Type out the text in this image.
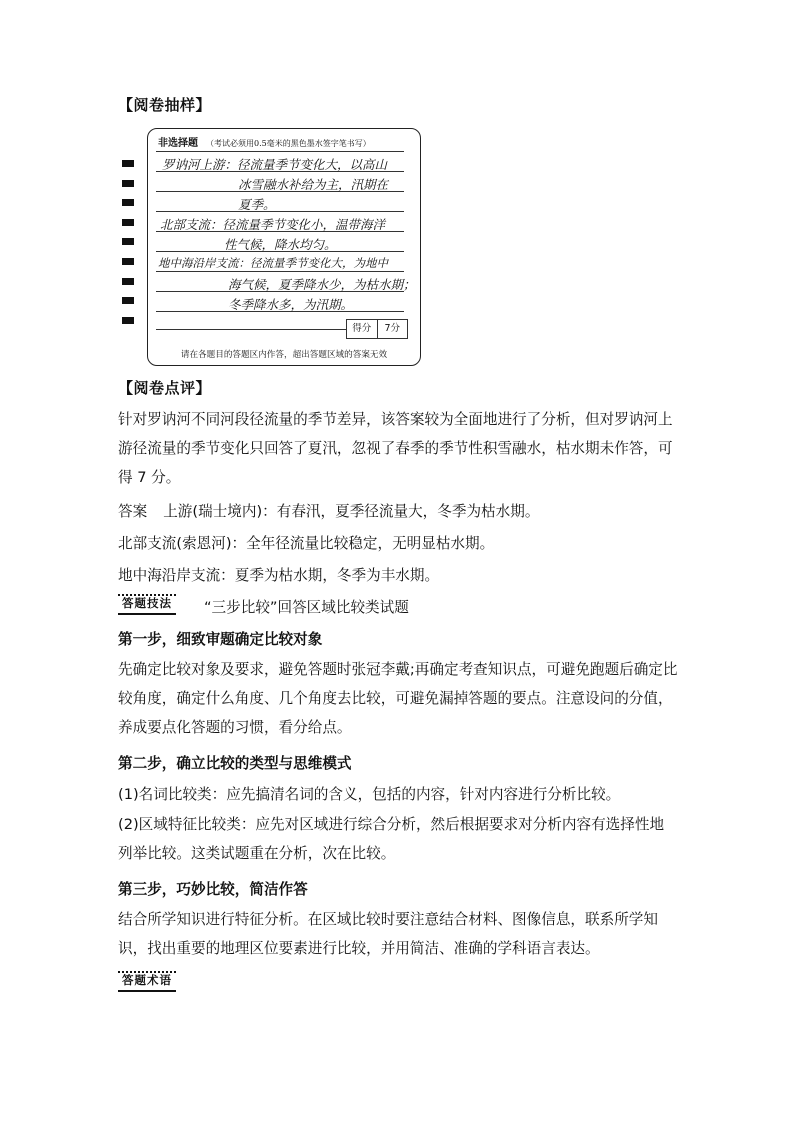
【阅卷抽样】
非选择题 （考试必须用0.5毫米的黑色墨水签字笔书写）
罗讷河上游：径流量季节变化大，以高山
冰雪融水补给为主，汛期在
夏季。
北部支流：径流量季节变化小，温带海洋
性气候，降水均匀。
地中海沿岸支流：径流量季节变化大，为地中
海气候，夏季降水少，为枯水期；
冬季降水多，为汛期。
得分	7分
请在各题目的答题区内作答，超出答题区域的答案无效
【阅卷点评】
针对罗讷河不同河段径流量的季节差异，该答案较为全面地进行了分析，但对罗讷河上游径流量的季节变化只回答了夏汛，忽视了春季的季节性积雪融水，枯水期未作答，可得 7 分。
答案 上游(瑞士境内)：有春汛，夏季径流量大，冬季为枯水期。
北部支流(索恩河)：全年径流量比较稳定，无明显枯水期。
地中海沿岸支流：夏季为枯水期，冬季为丰水期。
答题技法 “三步比较”回答区域比较类试题
第一步，细致审题确定比较对象
先确定比较对象及要求，避免答题时张冠李戴;再确定考查知识点，可避免跑题后确定比较角度，确定什么角度、几个角度去比较，可避免漏掉答题的要点。注意设问的分值，养成要点化答题的习惯，看分给点。
第二步，确立比较的类型与思维模式
(1)名词比较类：应先搞清名词的含义，包括的内容，针对内容进行分析比较。
(2)区域特征比较类：应先对区域进行综合分析，然后根据要求对分析内容有选择性地列举比较。这类试题重在分析，次在比较。
第三步，巧妙比较，简洁作答
结合所学知识进行特征分析。在区域比较时要注意结合材料、图像信息，联系所学知识，找出重要的地理区位要素进行比较，并用简洁、准确的学科语言表达。
答题术语
